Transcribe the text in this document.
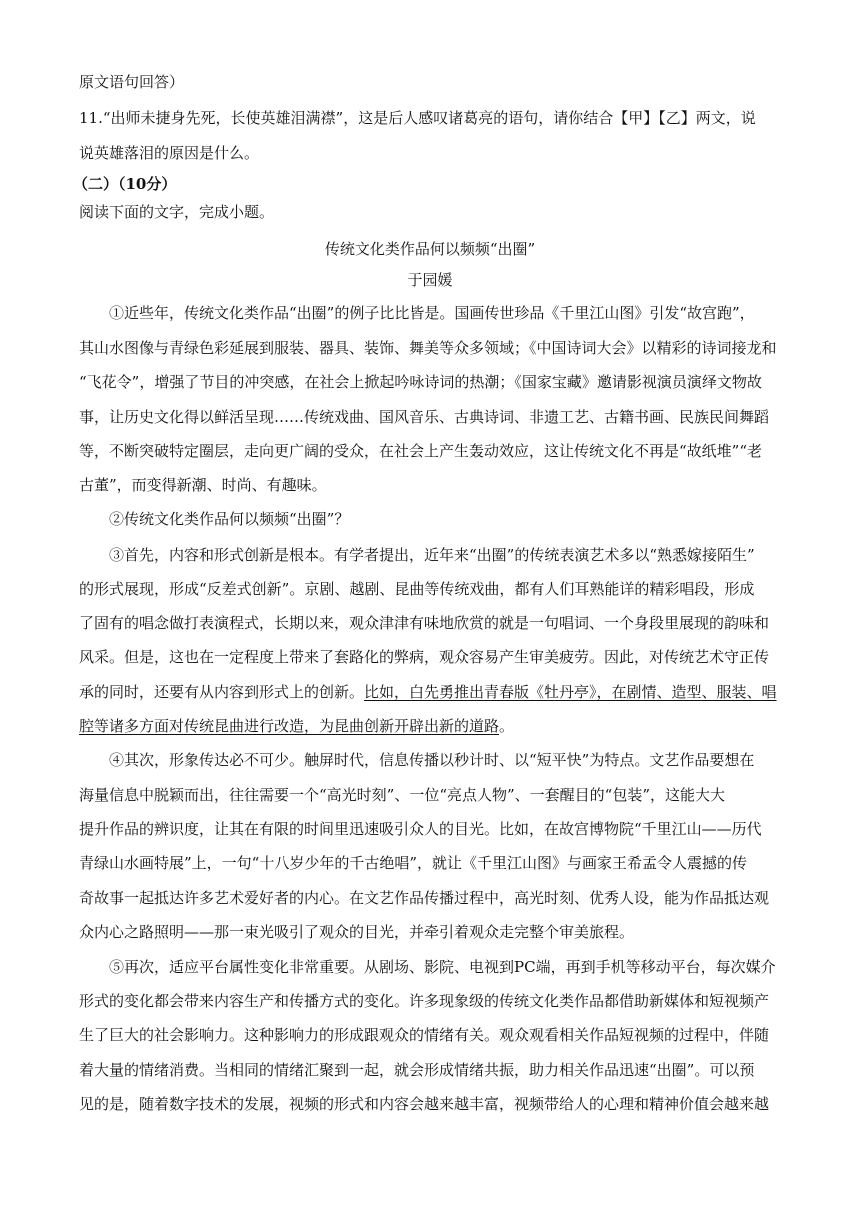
原文语句回答）
11.“出师未捷身先死，长使英雄泪满襟”，这是后人感叹诸葛亮的语句，请你结合【甲】【乙】两文，说
说英雄落泪的原因是什么。
（二）（10分）
阅读下面的文字，完成小题。
传统文化类作品何以频频“出圈”
于园媛
①近些年，传统文化类作品“出圈”的例子比比皆是。国画传世珍品《千里江山图》引发“故宫跑”，
其山水图像与青绿色彩延展到服装、器具、装饰、舞美等众多领域；《中国诗词大会》以精彩的诗词接龙和
“飞花令”，增强了节目的冲突感，在社会上掀起吟咏诗词的热潮；《国家宝藏》邀请影视演员演绎文物故
事，让历史文化得以鲜活呈现……传统戏曲、国风音乐、古典诗词、非遗工艺、古籍书画、民族民间舞蹈
等，不断突破特定圈层，走向更广阔的受众，在社会上产生轰动效应，这让传统文化不再是“故纸堆”“老
古董”，而变得新潮、时尚、有趣味。
②传统文化类作品何以频频“出圈”？
③首先，内容和形式创新是根本。有学者提出，近年来“出圈”的传统表演艺术多以“熟悉嫁接陌生”
的形式展现，形成“反差式创新”。京剧、越剧、昆曲等传统戏曲，都有人们耳熟能详的精彩唱段，形成
了固有的唱念做打表演程式，长期以来，观众津津有味地欣赏的就是一句唱词、一个身段里展现的韵味和
风采。但是，这也在一定程度上带来了套路化的弊病，观众容易产生审美疲劳。因此，对传统艺术守正传
承的同时，还要有从内容到形式上的创新。比如，白先勇推出青春版《牡丹亭》，在剧情、造型、服装、唱
腔等诸多方面对传统昆曲进行改造，为昆曲创新开辟出新的道路。
④其次，形象传达必不可少。触屏时代，信息传播以秒计时、以“短平快”为特点。文艺作品要想在
海量信息中脱颖而出，往往需要一个“高光时刻”、一位“亮点人物”、一套醒目的“包装”，这能大大
提升作品的辨识度，让其在有限的时间里迅速吸引众人的目光。比如，在故宫博物院“千里江山——历代
青绿山水画特展”上，一句“十八岁少年的千古绝唱”，就让《千里江山图》与画家王希孟令人震撼的传
奇故事一起抵达许多艺术爱好者的内心。在文艺作品传播过程中，高光时刻、优秀人设，能为作品抵达观
众内心之路照明——那一束光吸引了观众的目光，并牵引着观众走完整个审美旅程。
⑤再次，适应平台属性变化非常重要。从剧场、影院、电视到PC端，再到手机等移动平台，每次媒介
形式的变化都会带来内容生产和传播方式的变化。许多现象级的传统文化类作品都借助新媒体和短视频产
生了巨大的社会影响力。这种影响力的形成跟观众的情绪有关。观众观看相关作品短视频的过程中，伴随
着大量的情绪消费。当相同的情绪汇聚到一起，就会形成情绪共振，助力相关作品迅速“出圈”。可以预
见的是，随着数字技术的发展，视频的形式和内容会越来越丰富，视频带给人的心理和精神价值会越来越
